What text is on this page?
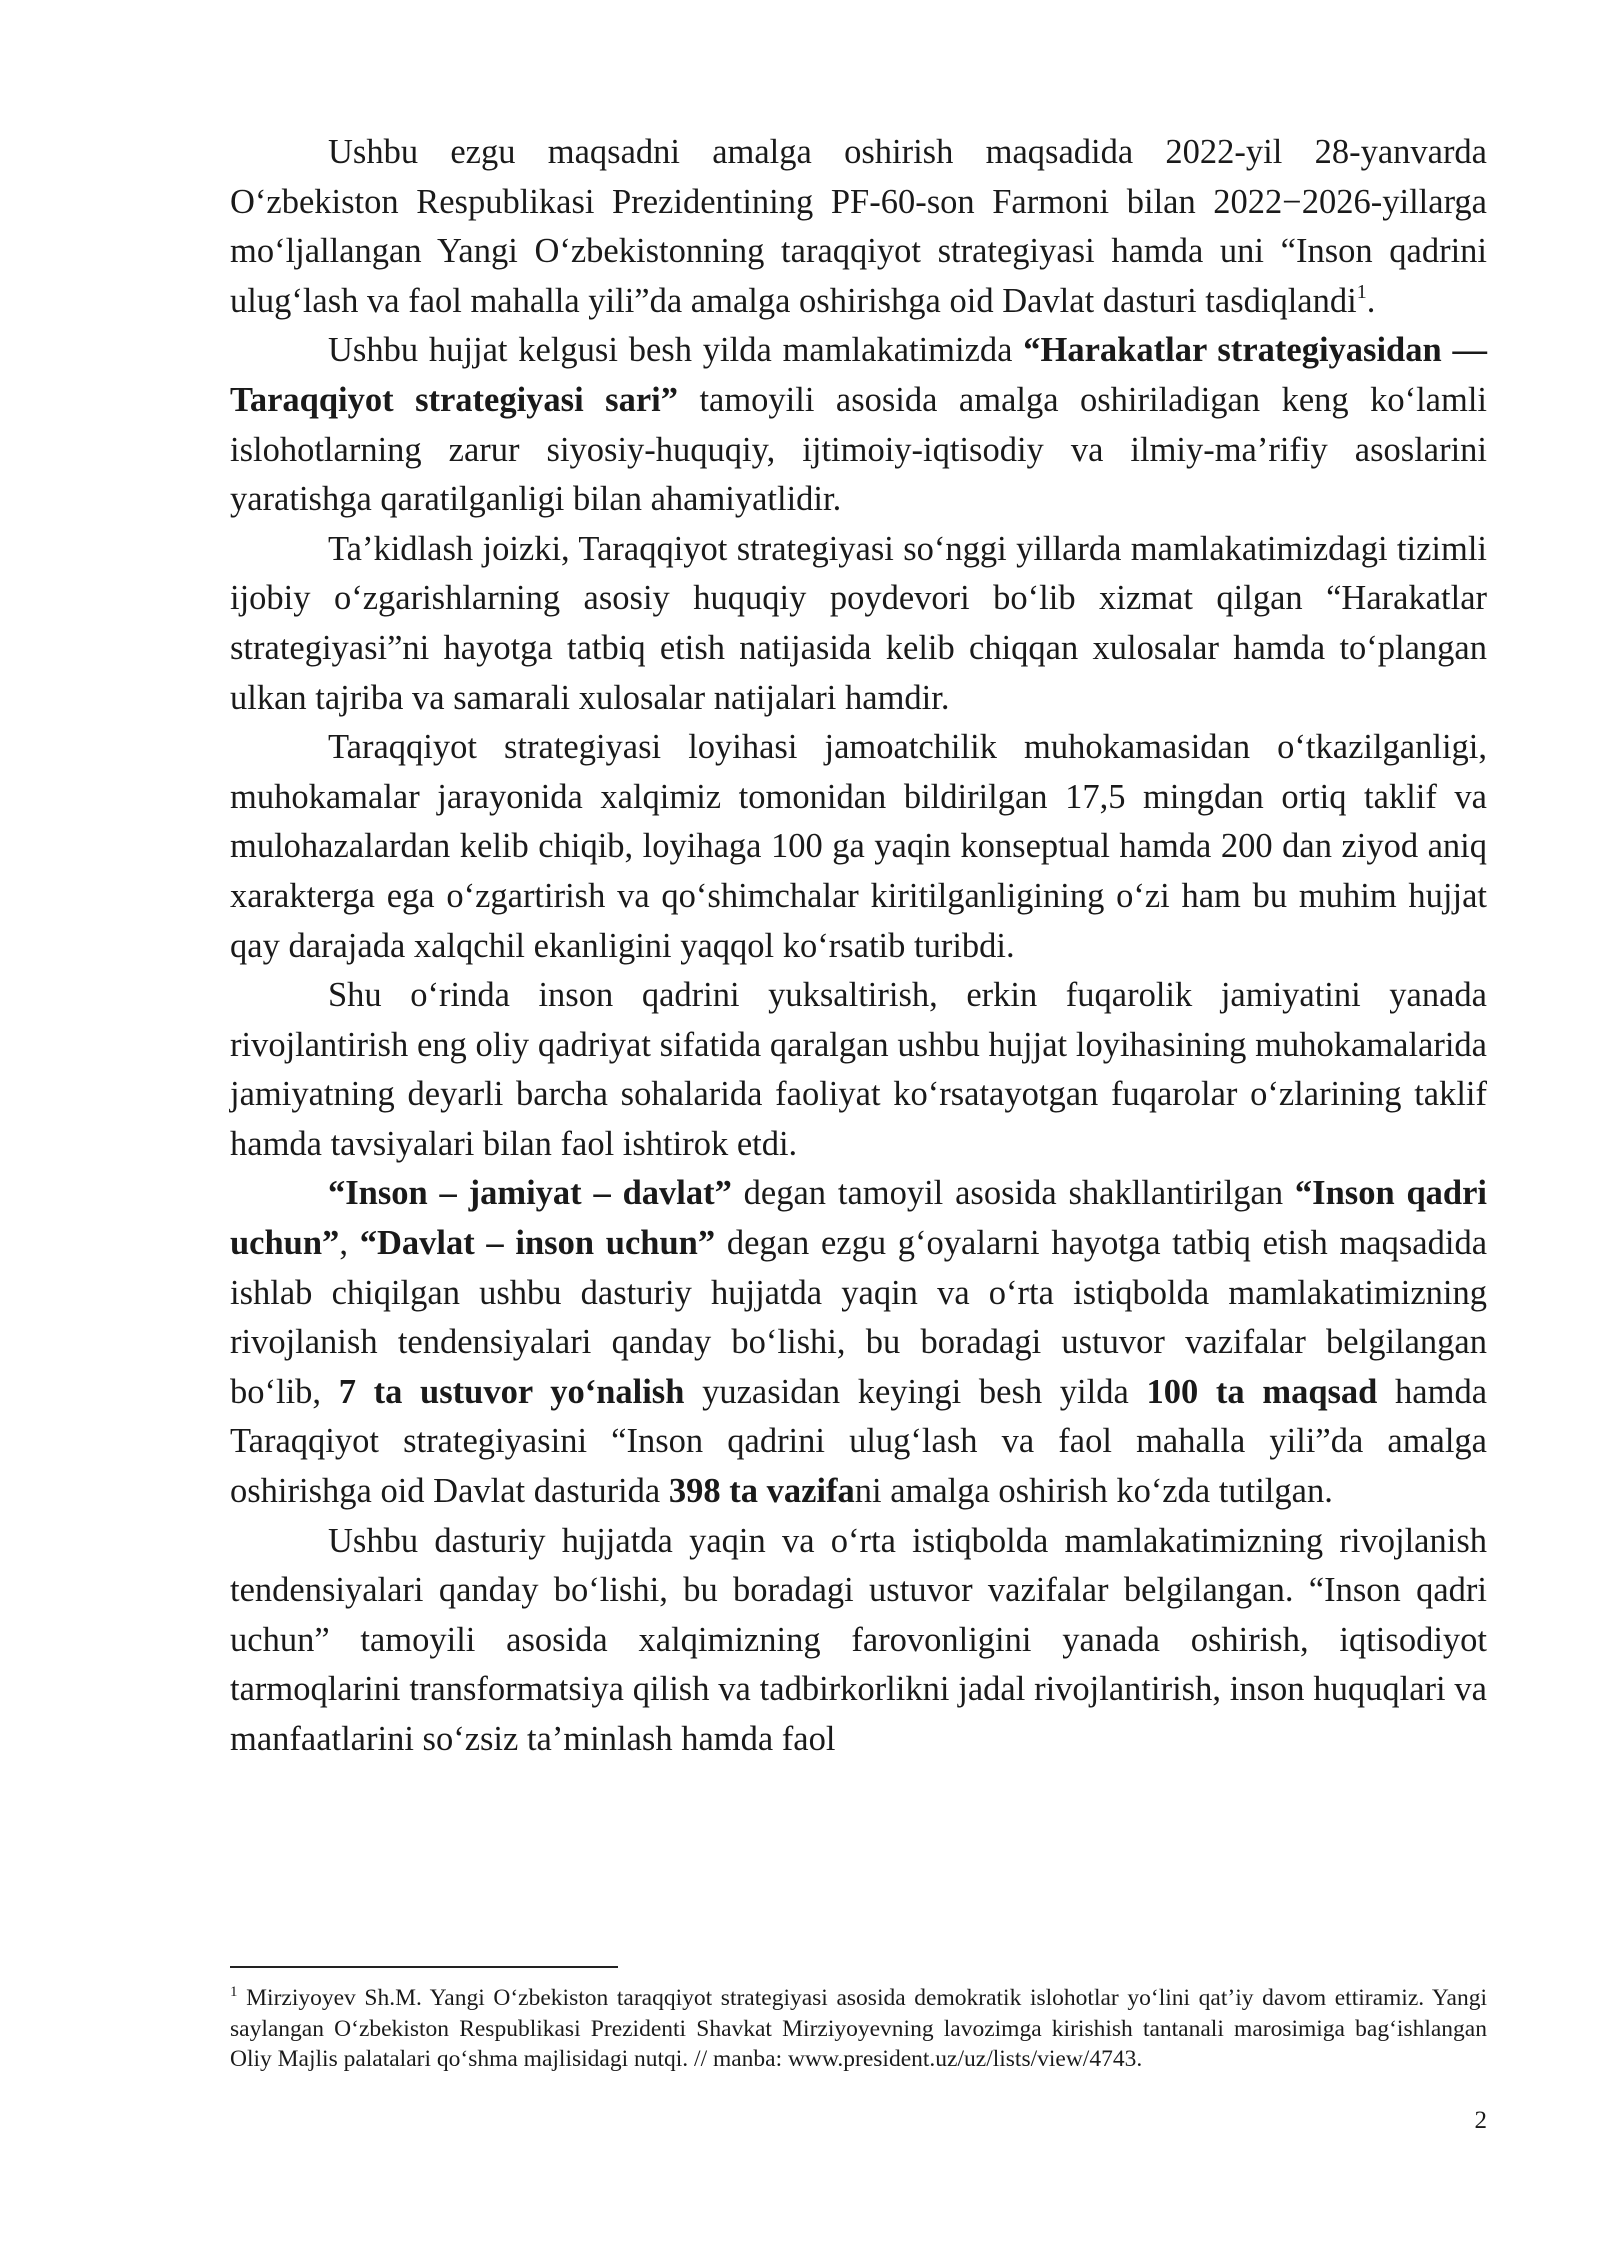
Ushbu ezgu maqsadni amalga oshirish maqsadida 2022-yil 28-yanvarda O‘zbekiston Respublikasi Prezidentining PF-60-son Farmoni bilan 2022−2026-yillarga mo‘ljallangan Yangi O‘zbekistonning taraqqiyot strategiyasi hamda uni “Inson qadrini ulug‘lash va faol mahalla yili”da amalga oshirishga oid Davlat dasturi tasdiqlandi$^1$.

Ushbu hujjat kelgusi besh yilda mamlakatimizda “Harakatlar strategiyasidan — Taraqqiyot strategiyasi sari” tamoyili asosida amalga oshiriladigan keng ko‘lamli islohotlarning zarur siyosiy-huquqiy, ijtimoiy-iqtisodiy va ilmiy-ma’rifiy asoslarini yaratishga qaratilganligi bilan ahamiyatlidir.

Ta’kidlash joizki, Taraqqiyot strategiyasi so‘nggi yillarda mamlakatimizdagi tizimli ijobiy o‘zgarishlarning asosiy huquqiy poydevori bo‘lib xizmat qilgan “Harakatlar strategiyasi”ni hayotga tatbiq etish natijasida kelib chiqqan xulosalar hamda to‘plangan ulkan tajriba va samarali xulosalar natijalari hamdir.

Taraqqiyot strategiyasi loyihasi jamoatchilik muhokamasidan o‘tkazilganligi, muhokamalar jarayonida xalqimiz tomonidan bildirilgan 17,5 mingdan ortiq taklif va mulohazalardan kelib chiqib, loyihaga 100 ga yaqin konseptual hamda 200 dan ziyod aniq xarakterga ega o‘zgartirish va qo‘shimchalar kiritilganligining o‘zi ham bu muhim hujjat qay darajada xalqchil ekanligini yaqqol ko‘rsatib turibdi.

Shu o‘rinda inson qadrini yuksaltirish, erkin fuqarolik jamiyatini yanada rivojlantirish eng oliy qadriyat sifatida qaralgan ushbu hujjat loyihasining muhokamalarida jamiyatning deyarli barcha sohalarida faoliyat ko‘rsatayotgan fuqarolar o‘zlarining taklif hamda tavsiyalari bilan faol ishtirok etdi.

“Inson – jamiyat – davlat” degan tamoyil asosida shakllantirilgan “Inson qadri uchun”, “Davlat – inson uchun” degan ezgu g‘oyalarni hayotga tatbiq etish maqsadida ishlab chiqilgan ushbu dasturiy hujjatda yaqin va o‘rta istiqbolda mamlakatimizning rivojlanish tendensiyalari qanday bo‘lishi, bu boradagi ustuvor vazifalar belgilangan bo‘lib, 7 ta ustuvor yo‘nalish yuzasidan keyingi besh yilda 100 ta maqsad hamda Taraqqiyot strategiyasini “Inson qadrini ulug‘lash va faol mahalla yili”da amalga oshirishga oid Davlat dasturida 398 ta vazifani amalga oshirish ko‘zda tutilgan.

Ushbu dasturiy hujjatda yaqin va o‘rta istiqbolda mamlakatimizning rivojlanish tendensiyalari qanday bo‘lishi, bu boradagi ustuvor vazifalar belgilangan. “Inson qadri uchun” tamoyili asosida xalqimizning farovonligini yanada oshirish, iqtisodiyot tarmoqlarini transformatsiya qilish va tadbirkorlikni jadal rivojlantirish, inson huquqlari va manfaatlarini so‘zsiz ta’minlash hamda faol

$^1$ Mirziyoyev Sh.M. Yangi O‘zbekiston taraqqiyot strategiyasi asosida demokratik islohotlar yo‘lini qat’iy davom ettiramiz. Yangi saylangan O‘zbekiston Respublikasi Prezidenti Shavkat Mirziyoyevning lavozimga kirishish tantanali marosimiga bag‘ishlangan Oliy Majlis palatalari qo‘shma majlisidagi nutqi. // manba: www.president.uz/uz/lists/view/4743.

2
